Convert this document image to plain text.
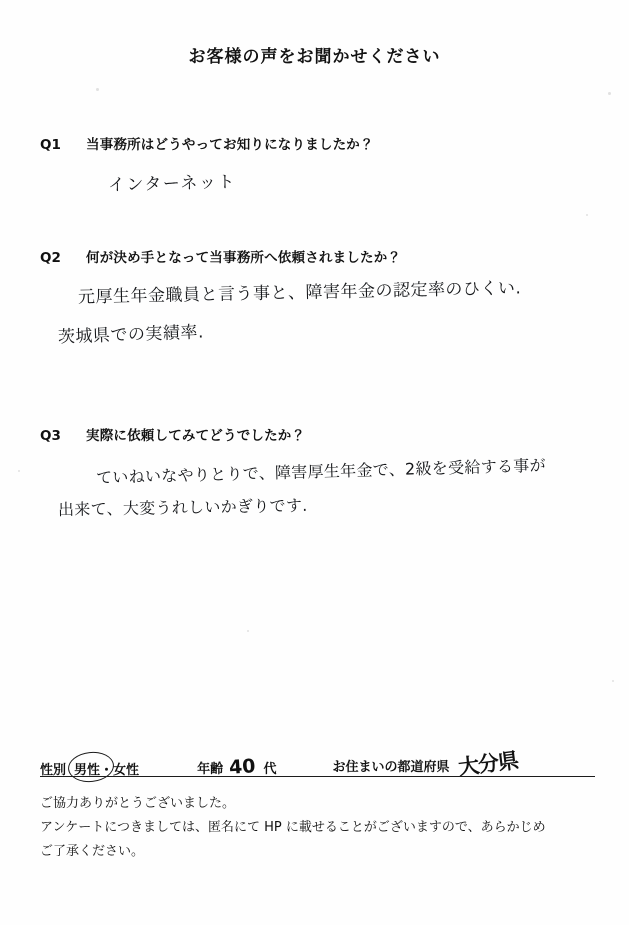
お客様の声をお聞かせください
Q1 当事務所はどうやってお知りになりましたか？
インターネット
Q2 何が決め手となって当事務所へ依頼されましたか？
元厚生年金職員と言う事と、障害年金の認定率のひくい.
茨城県での実績率.
Q3 実際に依頼してみてどうでしたか？
ていねいなやりとりで、障害厚生年金で、2級を受給する事が
出来て、大変うれしいかぎりです.
性別 男性・女性	年齢 40 代	お住まいの都道府県 大分県
ご協力ありがとうございました。
アンケートにつきましては、匿名にて HP に載せることがございますので、あらかじめ
ご了承ください。
